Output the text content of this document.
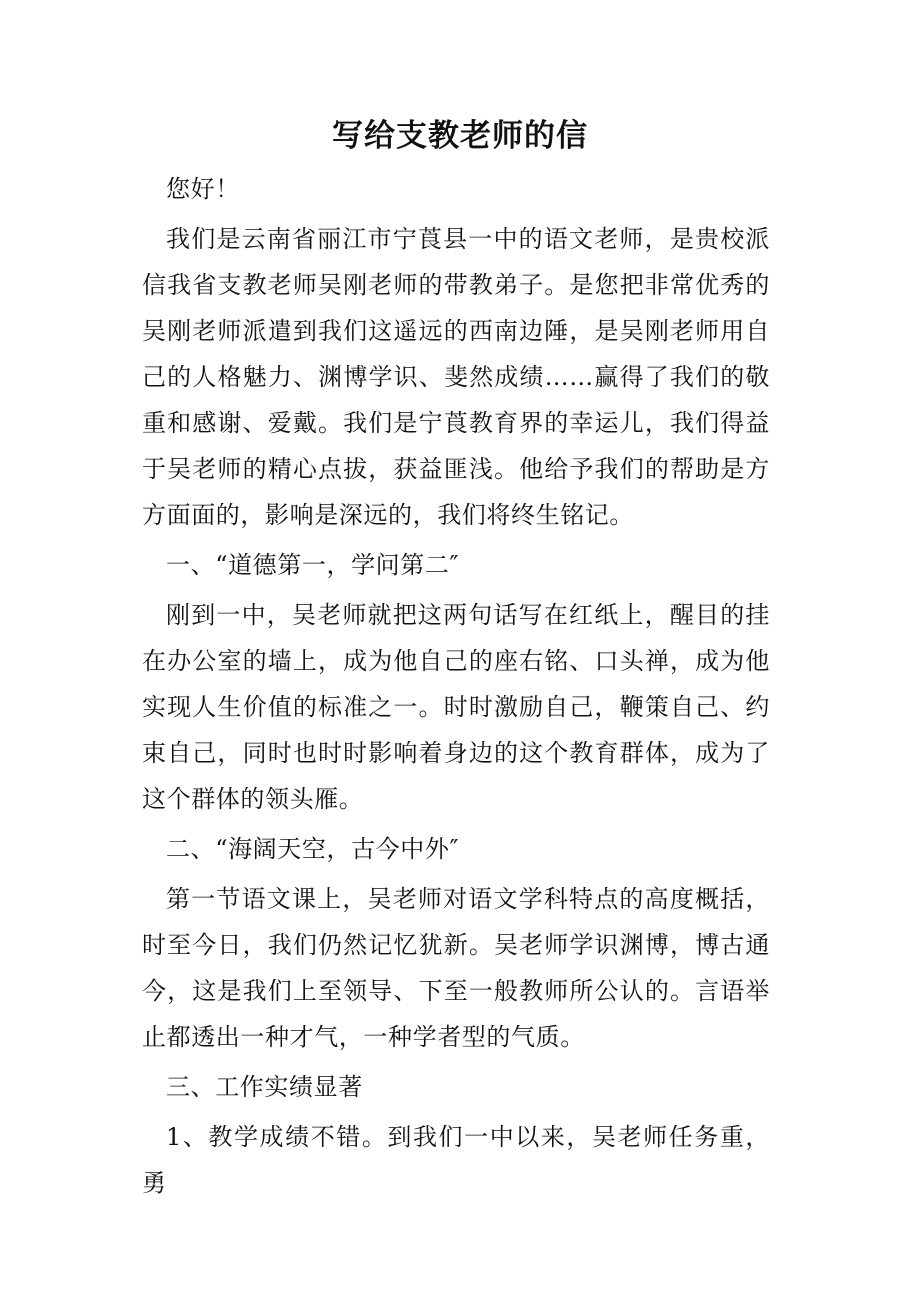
写给支教老师的信

您好！

我们是云南省丽江市宁莨县一中的语文老师，是贵校派信我省支教老师吴刚老师的带教弟子。是您把非常优秀的吴刚老师派遣到我们这遥远的西南边陲，是吴刚老师用自己的人格魅力、渊博学识、斐然成绩……赢得了我们的敬重和感谢、爱戴。我们是宁莨教育界的幸运儿，我们得益于吴老师的精心点拔，获益匪浅。他给予我们的帮助是方方面面的，影响是深远的，我们将终生铭记。

一、“道德第一，学问第二″

刚到一中，吴老师就把这两句话写在红纸上，醒目的挂在办公室的墙上，成为他自己的座右铭、口头禅，成为他实现人生价值的标准之一。时时激励自己，鞭策自己、约束自己，同时也时时影响着身边的这个教育群体，成为了这个群体的领头雁。

二、“海阔天空，古今中外″

第一节语文课上，吴老师对语文学科特点的高度概括，时至今日，我们仍然记忆犹新。吴老师学识渊博，博古通今，这是我们上至领导、下至一般教师所公认的。言语举止都透出一种才气，一种学者型的气质。

三、工作实绩显著

1、教学成绩不错。到我们一中以来，吴老师任务重，勇
